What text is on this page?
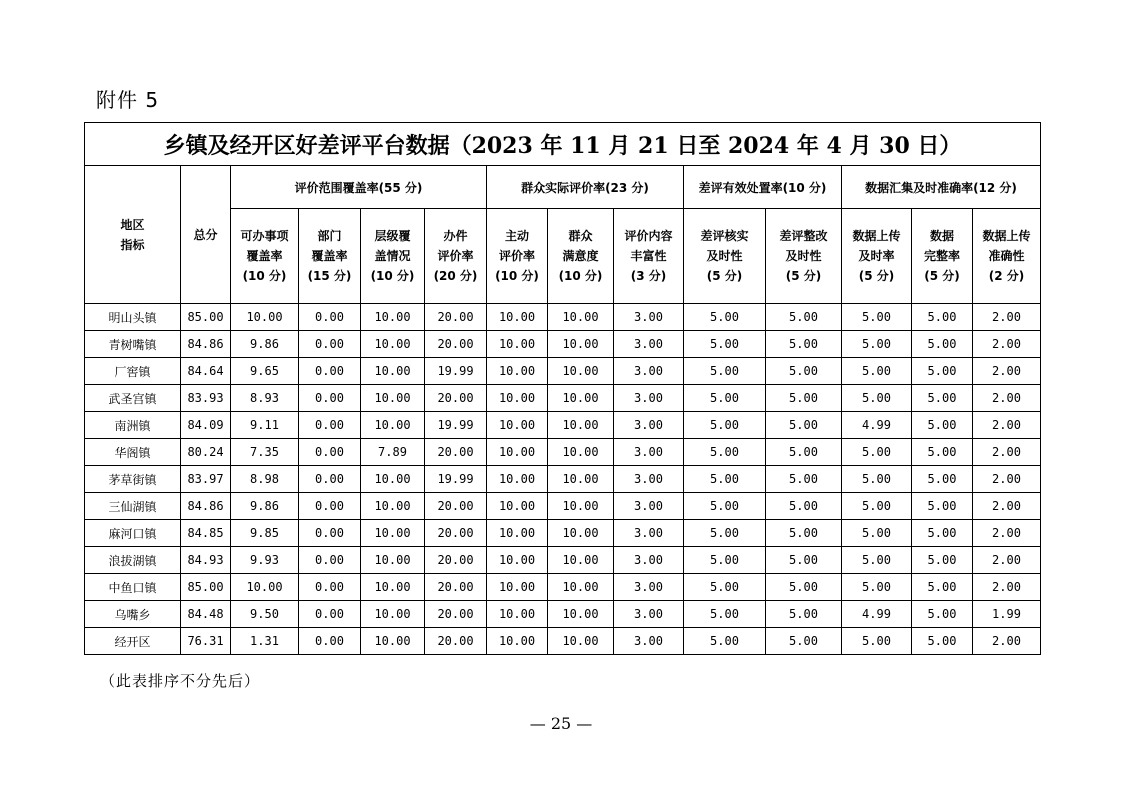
附件 5
乡镇及经开区好差评平台数据（2023 年 11 月 21 日至 2024 年 4 月 30 日）													
地区
指标	总分	评价范围覆盖率(55 分)				群众实际评价率(23 分)			差评有效处置率(10 分)		数据汇集及时准确率(12 分)		
		可办事项
覆盖率
(10 分)	部门
覆盖率
(15 分)	层级覆
盖情况
(10 分)	办件
评价率
(20 分)	主动
评价率
(10 分)	群众
满意度
(10 分)	评价内容
丰富性
(3 分)	差评核实
及时性
(5 分)	差评整改
及时性
(5 分)	数据上传
及时率
(5 分)	数据
完整率
(5 分)	数据上传
准确性
(2 分)
明山头镇	85.00	10.00	0.00	10.00	20.00	10.00	10.00	3.00	5.00	5.00	5.00	5.00	2.00
青树嘴镇	84.86	9.86	0.00	10.00	20.00	10.00	10.00	3.00	5.00	5.00	5.00	5.00	2.00
厂窖镇	84.64	9.65	0.00	10.00	19.99	10.00	10.00	3.00	5.00	5.00	5.00	5.00	2.00
武圣宫镇	83.93	8.93	0.00	10.00	20.00	10.00	10.00	3.00	5.00	5.00	5.00	5.00	2.00
南洲镇	84.09	9.11	0.00	10.00	19.99	10.00	10.00	3.00	5.00	5.00	4.99	5.00	2.00
华阁镇	80.24	7.35	0.00	7.89	20.00	10.00	10.00	3.00	5.00	5.00	5.00	5.00	2.00
茅草街镇	83.97	8.98	0.00	10.00	19.99	10.00	10.00	3.00	5.00	5.00	5.00	5.00	2.00
三仙湖镇	84.86	9.86	0.00	10.00	20.00	10.00	10.00	3.00	5.00	5.00	5.00	5.00	2.00
麻河口镇	84.85	9.85	0.00	10.00	20.00	10.00	10.00	3.00	5.00	5.00	5.00	5.00	2.00
浪拔湖镇	84.93	9.93	0.00	10.00	20.00	10.00	10.00	3.00	5.00	5.00	5.00	5.00	2.00
中鱼口镇	85.00	10.00	0.00	10.00	20.00	10.00	10.00	3.00	5.00	5.00	5.00	5.00	2.00
乌嘴乡	84.48	9.50	0.00	10.00	20.00	10.00	10.00	3.00	5.00	5.00	4.99	5.00	1.99
经开区	76.31	1.31	0.00	10.00	20.00	10.00	10.00	3.00	5.00	5.00	5.00	5.00	2.00
（此表排序不分先后）
— 25 —
